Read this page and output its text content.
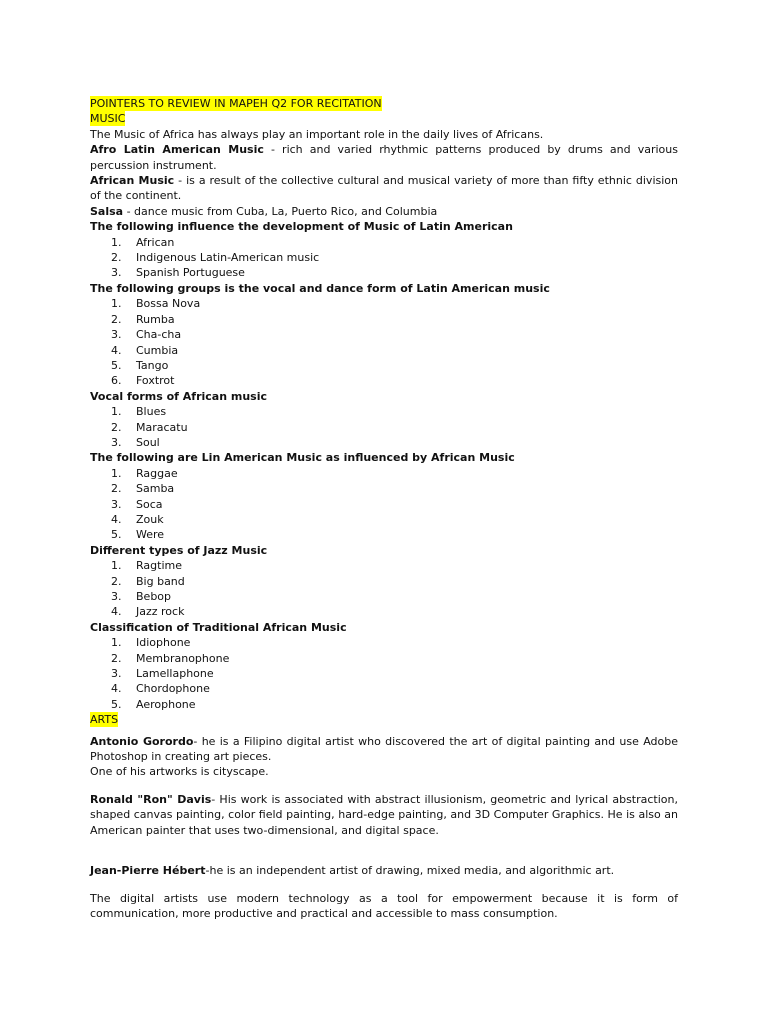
POINTERS TO REVIEW IN MAPEH Q2 FOR RECITATION
MUSIC

The Music of Africa has always play an important role in the daily lives of Africans.

Afro Latin American Music - rich and varied rhythmic patterns produced by drums and various percussion instrument.

African Music - is a result of the collective cultural and musical variety of more than fifty ethnic division of the continent.

Salsa - dance music from Cuba, La, Puerto Rico, and Columbia

The following influence the development of Music of Latin American
1.	African
2.	Indigenous Latin-American music
3.	Spanish Portuguese
The following groups is the vocal and dance form of Latin American music
1.	Bossa Nova
2.	Rumba
3.	Cha-cha
4.	Cumbia
5.	Tango
6.	Foxtrot
Vocal forms of African music
1.	Blues
2.	Maracatu
3.	Soul
The following are Lin American Music as influenced by African Music
1.	Raggae
2.	Samba
3.	Soca
4.	Zouk
5.	Were
Different types of Jazz Music
1.	Ragtime
2.	Big band
3.	Bebop
4.	Jazz rock
Classification of Traditional African Music
1.	Idiophone
2.	Membranophone
3.	Lamellaphone
4.	Chordophone
5.	Aerophone
ARTS

Antonio Gorordo- he is a Filipino digital artist who discovered the art of digital painting and use Adobe Photoshop in creating art pieces.

One of his artworks is cityscape.

Ronald "Ron" Davis- His work is associated with abstract illusionism, geometric and lyrical abstraction, shaped canvas painting, color field painting, hard-edge painting, and 3D Computer Graphics. He is also an American painter that uses two-dimensional, and digital space.

Jean-Pierre Hébert-he is an independent artist of drawing, mixed media, and algorithmic art.

The digital artists use modern technology as a tool for empowerment because it is form of communication, more productive and practical and accessible to mass consumption.
